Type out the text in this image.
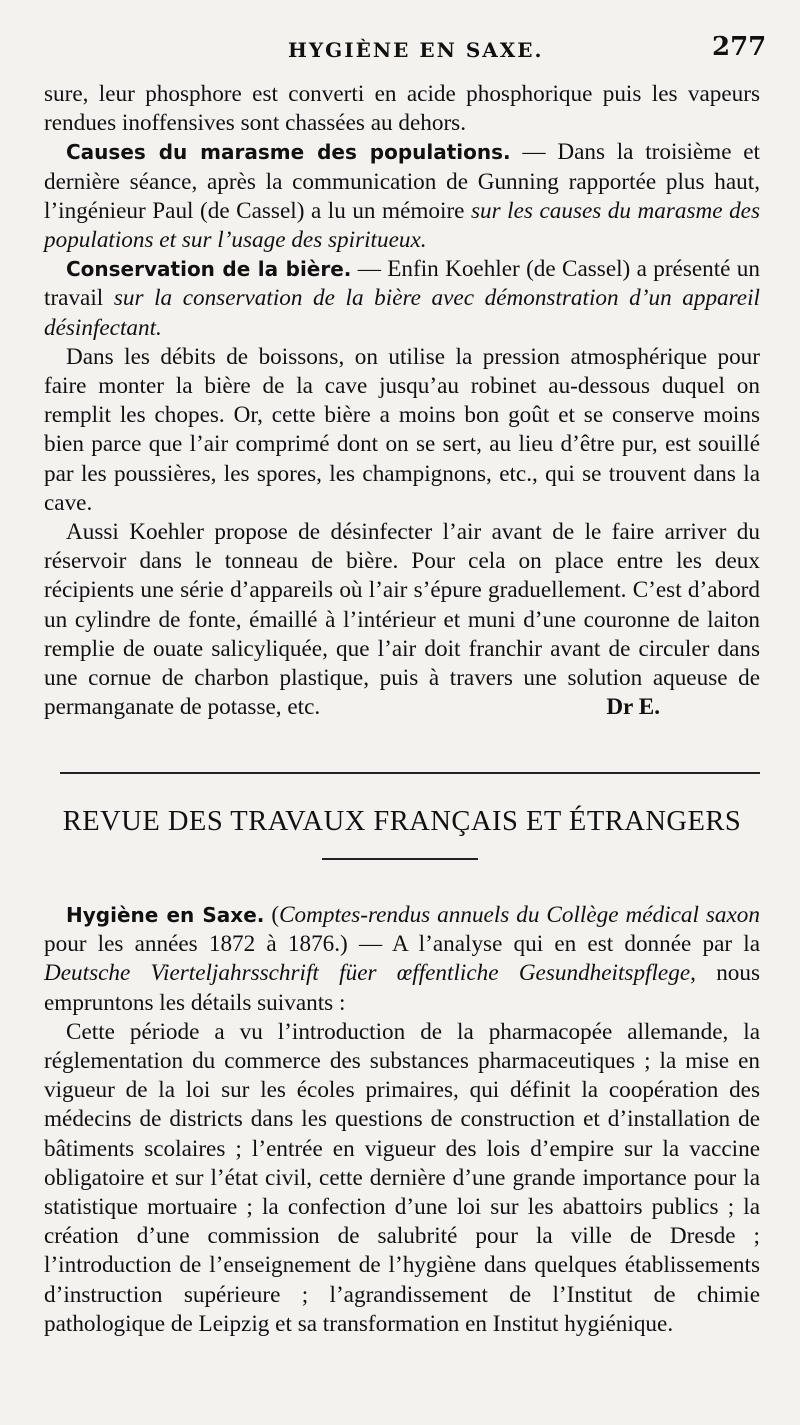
HYGIÈNE EN SAXE.	277

sure, leur phosphore est converti en acide phosphorique puis les vapeurs rendues inoffensives sont chassées au dehors.

Causes du marasme des populations. — Dans la troisième et dernière séance, après la communication de Gunning rapportée plus haut, l’ingénieur Paul (de Cassel) a lu un mémoire sur les causes du marasme des populations et sur l’usage des spiritueux.

Conservation de la bière. — Enfin Koehler (de Cassel) a présenté un travail sur la conservation de la bière avec démonstration d’un appareil désinfectant.

Dans les débits de boissons, on utilise la pression atmosphérique pour faire monter la bière de la cave jusqu’au robinet au-dessous duquel on remplit les chopes. Or, cette bière a moins bon goût et se conserve moins bien parce que l’air comprimé dont on se sert, au lieu d’être pur, est souillé par les poussières, les spores, les champignons, etc., qui se trouvent dans la cave.

Aussi Koehler propose de désinfecter l’air avant de le faire arriver du réservoir dans le tonneau de bière. Pour cela on place entre les deux récipients une série d’appareils où l’air s’épure graduellement. C’est d’abord un cylindre de fonte, émaillé à l’intérieur et muni d’une couronne de laiton remplie de ouate salicyliquée, que l’air doit franchir avant de circuler dans une cornue de charbon plastique, puis à travers une solution aqueuse de permanganate de potasse, etc.	Dr E.
REVUE DES TRAVAUX FRANÇAIS ET ÉTRANGERS

Hygiène en Saxe. (Comptes-rendus annuels du Collège médical saxon pour les années 1872 à 1876.) — A l’analyse qui en est donnée par la Deutsche Vierteljahrsschrift füer œffentliche Gesundheitspflege, nous empruntons les détails suivants :

Cette période a vu l’introduction de la pharmacopée allemande, la réglementation du commerce des substances pharmaceutiques ; la mise en vigueur de la loi sur les écoles primaires, qui définit la coopération des médecins de districts dans les questions de construction et d’installation de bâtiments scolaires ; l’entrée en vigueur des lois d’empire sur la vaccine obligatoire et sur l’état civil, cette dernière d’une grande importance pour la statistique mortuaire ; la confection d’une loi sur les abattoirs publics ; la création d’une commission de salubrité pour la ville de Dresde ; l’introduction de l’enseignement de l’hygiène dans quelques établissements d’instruction supérieure ; l’agrandissement de l’Institut de chimie pathologique de Leipzig et sa transformation en Institut hygiénique.
